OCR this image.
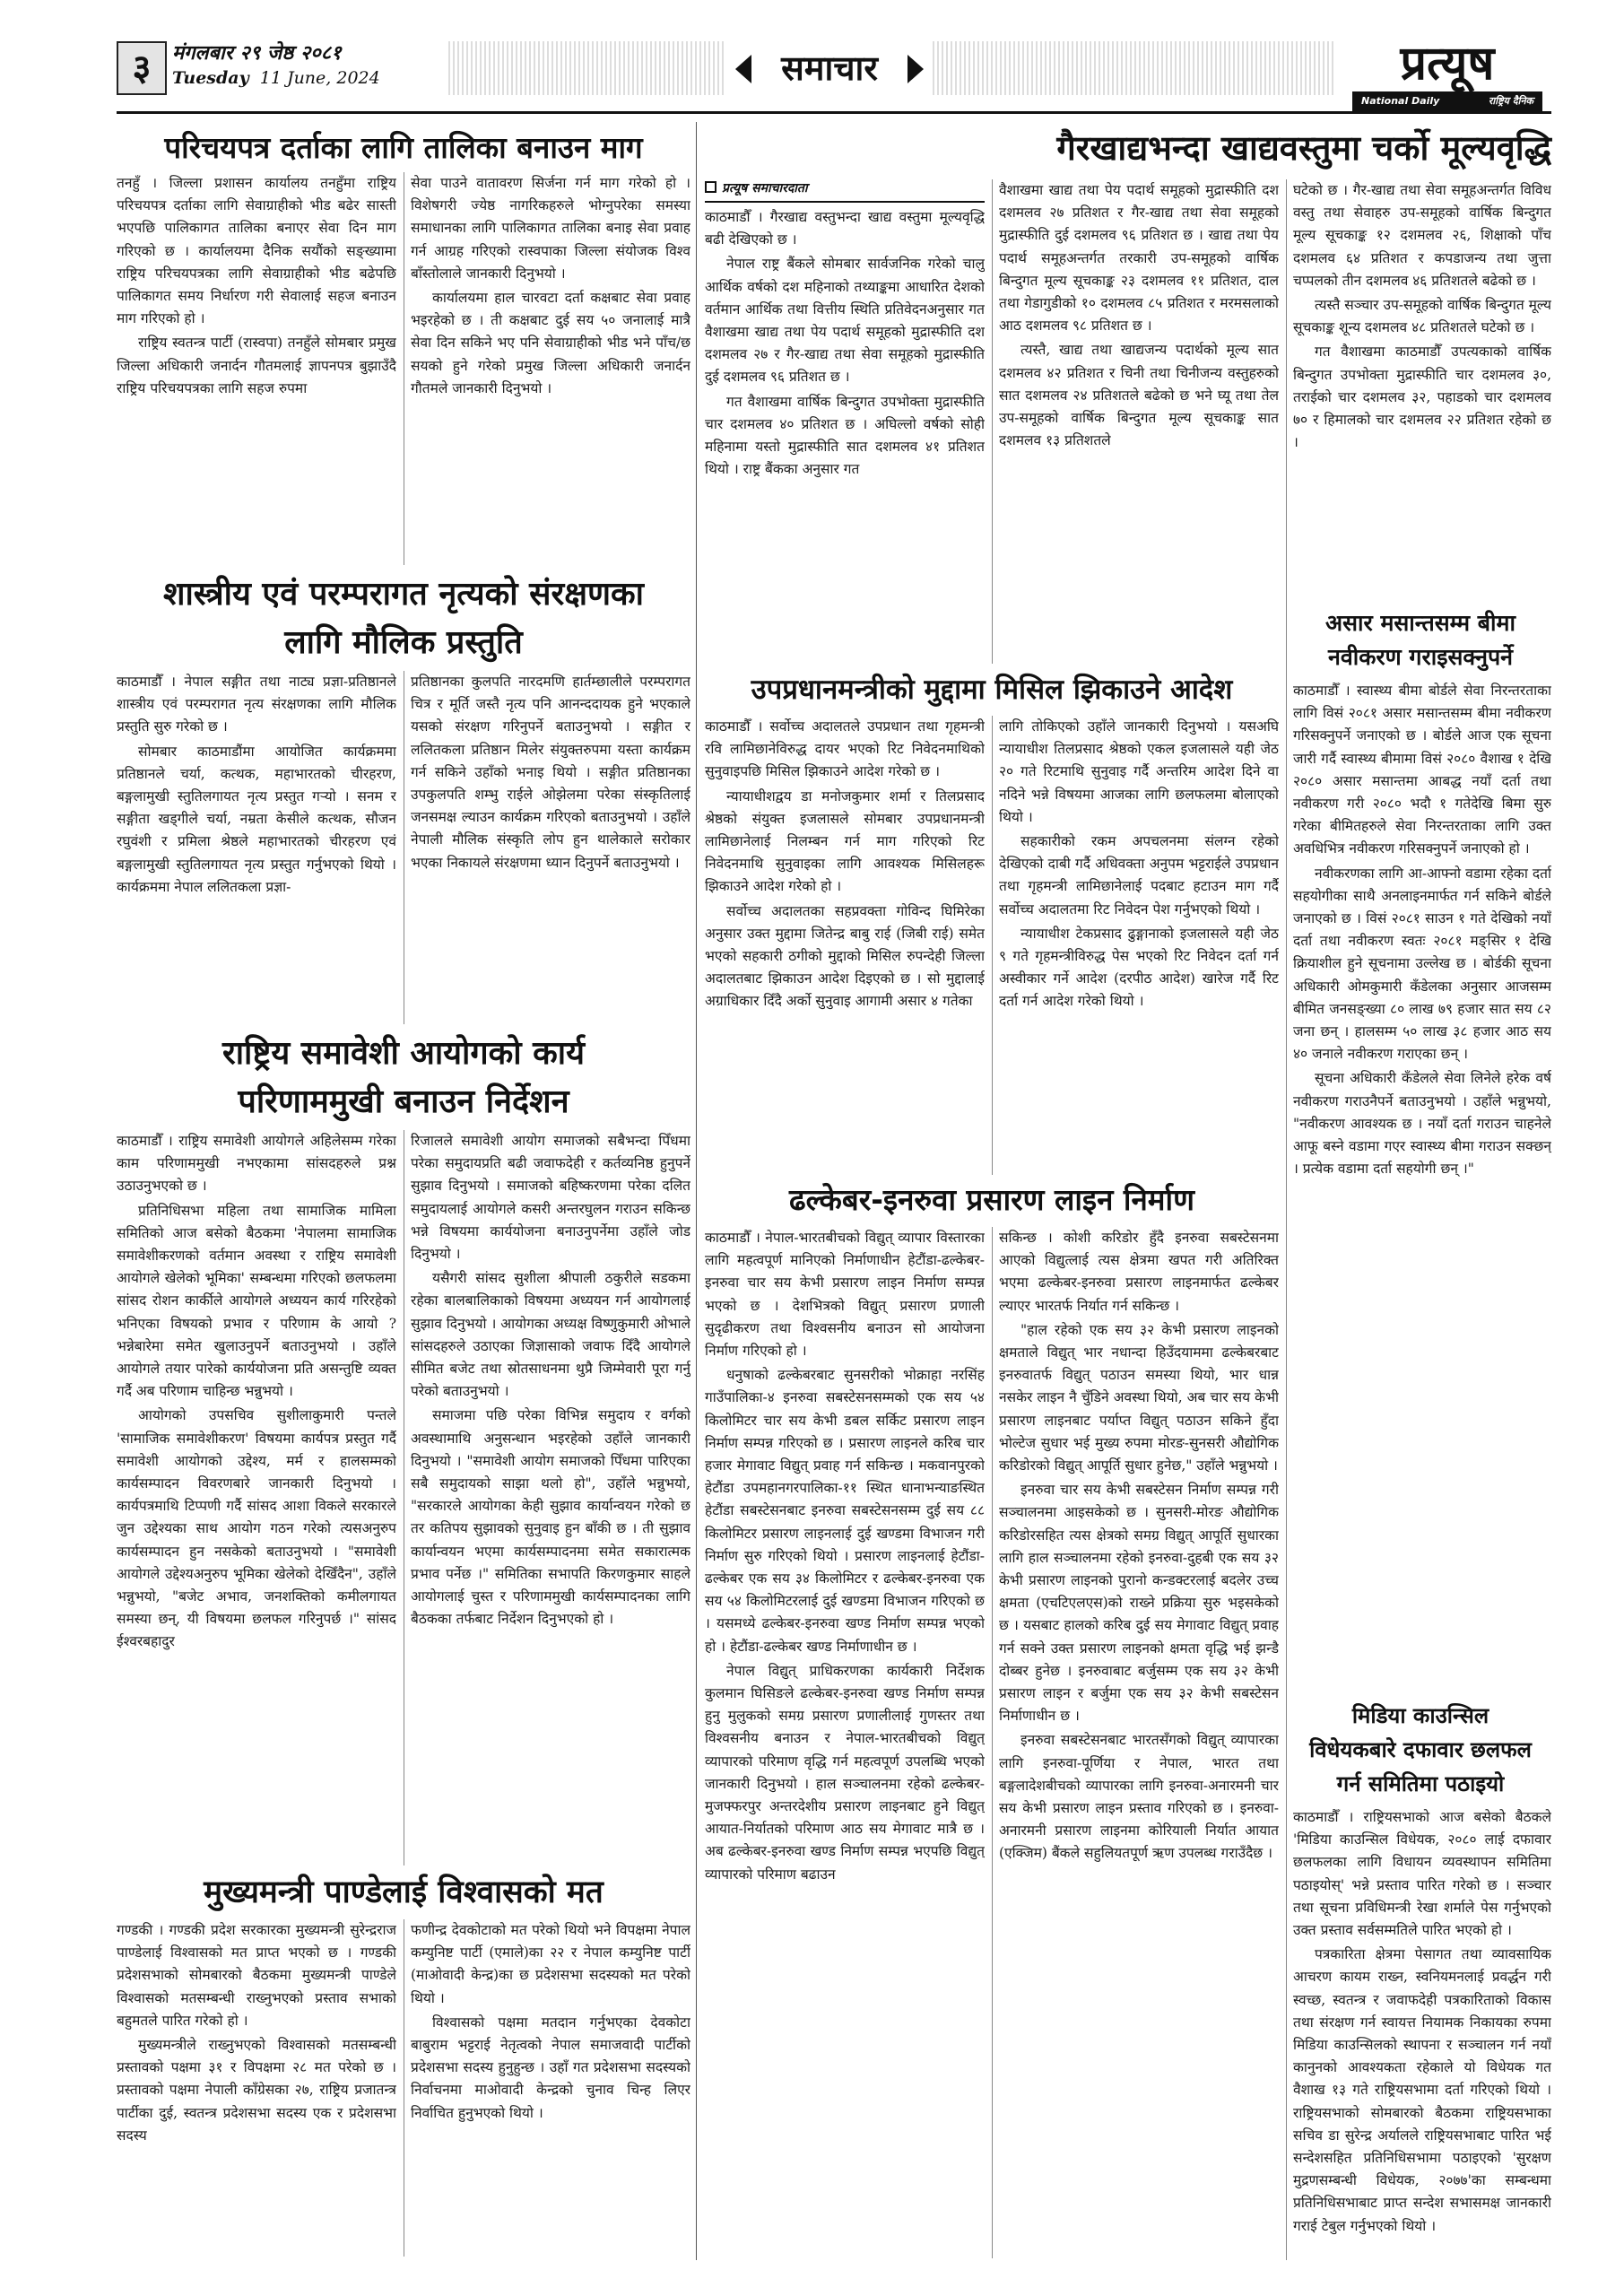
३	मंगलबार २९ जेष्ठ २०८१
Tuesday 11 June, 2024	समाचार	प्रत्यूष
National Daily	राष्ट्रिय दैनिक
परिचयपत्र दर्ताका लागि तालिका बनाउन माग

तनहुँ । जिल्ला प्रशासन कार्यालय तनहुँमा राष्ट्रिय परिचयपत्र दर्ताका लागि सेवाग्राहीको भीड बढेर सास्ती भएपछि पालिकागत तालिका बनाएर सेवा दिन माग गरिएको छ । कार्यालयमा दैनिक सयौंको सङ्ख्यामा राष्ट्रिय परिचयपत्रका लागि सेवाग्राहीको भीड बढेपछि पालिकागत समय निर्धारण गरी सेवालाई सहज बनाउन माग गरिएको हो ।

राष्ट्रिय स्वतन्त्र पार्टी (रास्वपा) तनहुँले सोमबार प्रमुख जिल्ला अधिकारी जनार्दन गौतमलाई ज्ञापनपत्र बुझाउँदै राष्ट्रिय परिचयपत्रका लागि सहज रुपमा

सेवा पाउने वातावरण सिर्जना गर्न माग गरेको हो । विशेषगरी ज्येष्ठ नागरिकहरुले भोग्नुपरेका समस्या समाधानका लागि पालिकागत तालिका बनाइ सेवा प्रवाह गर्न आग्रह गरिएको रास्वपाका जिल्ला संयोजक विश्व बाँस्तोलाले जानकारी दिनुभयो ।

कार्यालयमा हाल चारवटा दर्ता कक्षबाट सेवा प्रवाह भइरहेको छ । ती कक्षबाट दुई सय ५० जनालाई मात्रै सेवा दिन सकिने भए पनि सेवाग्राहीको भीड भने पाँच/छ सयको हुने गरेको प्रमुख जिल्ला अधिकारी जनार्दन गौतमले जानकारी दिनुभयो ।

शास्त्रीय एवं परम्परागत नृत्यको संरक्षणका
लागि मौलिक प्रस्तुति

काठमाडौँ । नेपाल सङ्गीत तथा नाट्य प्रज्ञा-प्रतिष्ठानले शास्त्रीय एवं परम्परागत नृत्य संरक्षणका लागि मौलिक प्रस्तुति सुरु गरेको छ ।

सोमबार काठमाडौंमा आयोजित कार्यक्रममा प्रतिष्ठानले चर्या, कत्थक, महाभारतको चीरहरण, बङ्गलामुखी स्तुतिलगायत नृत्य प्रस्तुत गऱ्यो । सनम र सङ्गीता खड्गीले चर्या, नम्रता केसीले कत्थक, सौजन रघुवंशी र प्रमिला श्रेष्ठले महाभारतको चीरहरण एवं बङ्गलामुखी स्तुतिलगायत नृत्य प्रस्तुत गर्नुभएको थियो । कार्यक्रममा नेपाल ललितकला प्रज्ञा-

प्रतिष्ठानका कुलपति नारदमणि हार्तम्छालीले परम्परागत चित्र र मूर्ति जस्तै नृत्य पनि आनन्ददायक हुने भएकाले यसको संरक्षण गरिनुपर्ने बताउनुभयो । सङ्गीत र ललितकला प्रतिष्ठान मिलेर संयुक्तरुपमा यस्ता कार्यक्रम गर्न सकिने उहाँको भनाइ थियो । सङ्गीत प्रतिष्ठानका उपकुलपति शम्भु राईले ओझेलमा परेका संस्कृतिलाई जनसमक्ष ल्याउन कार्यक्रम गरिएको बताउनुभयो । उहाँले नेपाली मौलिक संस्कृति लोप हुन थालेकाले सरोकार भएका निकायले संरक्षणमा ध्यान दिनुपर्ने बताउनुभयो ।

राष्ट्रिय समावेशी आयोगको कार्य
परिणाममुखी बनाउन निर्देशन

काठमाडौँ । राष्ट्रिय समावेशी आयोगले अहिलेसम्म गरेका काम परिणाममुखी नभएकामा सांसदहरुले प्रश्न उठाउनुभएको छ ।

प्रतिनिधिसभा महिला तथा सामाजिक मामिला समितिको आज बसेको बैठकमा 'नेपालमा सामाजिक समावेशीकरणको वर्तमान अवस्था र राष्ट्रिय समावेशी आयोगले खेलेको भूमिका' सम्बन्धमा गरिएको छलफलमा सांसद रोशन कार्कीले आयोगले अध्ययन कार्य गरिरहेको भनिएका विषयको प्रभाव र परिणाम के आयो ? भन्नेबारेमा समेत खुलाउनुपर्ने बताउनुभयो । उहाँले आयोगले तयार पारेको कार्ययोजना प्रति असन्तुष्टि व्यक्त गर्दै अब परिणाम चाहिन्छ भन्नुभयो ।

आयोगको उपसचिव सुशीलाकुमारी पन्तले 'सामाजिक समावेशीकरण' विषयमा कार्यपत्र प्रस्तुत गर्दै समावेशी आयोगको उद्देश्य, मर्म र हालसम्मको कार्यसम्पादन विवरणबारे जानकारी दिनुभयो । कार्यपत्रमाथि टिप्पणी गर्दै सांसद आशा विकले सरकारले जुन उद्देश्यका साथ आयोग गठन गरेको त्यसअनुरुप कार्यसम्पादन हुन नसकेको बताउनुभयो । "समावेशी आयोगले उद्देश्यअनुरुप भूमिका खेलेको देखिँदैन", उहाँले भन्नुभयो, "बजेट अभाव, जनशक्तिको कमीलगायत समस्या छन्, यी विषयमा छलफल गरिनुपर्छ ।" सांसद ईश्वरबहादुर

रिजालले समावेशी आयोग समाजको सबैभन्दा पिँधमा परेका समुदायप्रति बढी जवाफदेही र कर्तव्यनिष्ठ हुनुपर्ने सुझाव दिनुभयो । समाजको बहिष्करणमा परेका दलित समुदायलाई आयोगले कसरी अन्तरघुलन गराउन सकिन्छ भन्ने विषयमा कार्ययोजना बनाउनुपर्नेमा उहाँले जोड दिनुभयो ।

यसैगरी सांसद सुशीला श्रीपाली ठकुरीले सडकमा रहेका बालबालिकाको विषयमा अध्ययन गर्न आयोगलाई सुझाव दिनुभयो । आयोगका अध्यक्ष विष्णुकुमारी ओभाले सांसदहरुले उठाएका जिज्ञासाको जवाफ दिँदै आयोगले सीमित बजेट तथा स्रोतसाधनमा थुप्रै जिम्मेवारी पूरा गर्नु परेको बताउनुभयो ।

समाजमा पछि परेका विभिन्न समुदाय र वर्गको अवस्थामाथि अनुसन्धान भइरहेको उहाँले जानकारी दिनुभयो । "समावेशी आयोग समाजको पिँधमा पारिएका सबै समुदायको साझा थलो हो", उहाँले भन्नुभयो, "सरकारले आयोगका केही सुझाव कार्यान्वयन गरेको छ तर कतिपय सुझावको सुनुवाइ हुन बाँकी छ । ती सुझाव कार्यान्वयन भएमा कार्यसम्पादनमा समेत सकारात्मक प्रभाव पर्नेछ ।" समितिका सभापति किरणकुमार साहले आयोगलाई चुस्त र परिणाममुखी कार्यसम्पादनका लागि बैठकका तर्फबाट निर्देशन दिनुभएको हो ।

मुख्यमन्त्री पाण्डेलाई विश्वासको मत

गण्डकी । गण्डकी प्रदेश सरकारका मुख्यमन्त्री सुरेन्द्रराज पाण्डेलाई विश्वासको मत प्राप्त भएको छ । गण्डकी प्रदेशसभाको सोमबारको बैठकमा मुख्यमन्त्री पाण्डेले विश्वासको मतसम्बन्धी राख्नुभएको प्रस्ताव सभाको बहुमतले पारित गरेको हो ।

मुख्यमन्त्रीले राख्नुभएको विश्वासको मतसम्बन्धी प्रस्तावको पक्षमा ३१ र विपक्षमा २८ मत परेको छ । प्रस्तावको पक्षमा नेपाली काँग्रेसका २७, राष्ट्रिय प्रजातन्त्र पार्टीका दुई, स्वतन्त्र प्रदेशसभा सदस्य एक र प्रदेशसभा सदस्य

फणीन्द्र देवकोटाको मत परेको थियो भने विपक्षमा नेपाल कम्युनिष्ट पार्टी (एमाले)का २२ र नेपाल कम्युनिष्ट पार्टी (माओवादी केन्द्र)का छ प्रदेशसभा सदस्यको मत परेको थियो ।

विश्वासको पक्षमा मतदान गर्नुभएका देवकोटा बाबुराम भट्टराई नेतृत्वको नेपाल समाजवादी पार्टीको प्रदेशसभा सदस्य हुनुहुन्छ । उहाँ गत प्रदेशसभा सदस्यको निर्वाचनमा माओवादी केन्द्रको चुनाव चिन्ह लिएर निर्वाचित हुनुभएको थियो ।

गैरखाद्यभन्दा खाद्यवस्तुमा चर्को मूल्यवृद्धि
प्रत्यूष समाचारदाता

काठमाडौँ । गैरखाद्य वस्तुभन्दा खाद्य वस्तुमा मूल्यवृद्धि बढी देखिएको छ ।

नेपाल राष्ट्र बैंकले सोमबार सार्वजनिक गरेको चालु आर्थिक वर्षको दश महिनाको तथ्याङ्कमा आधारित देशको वर्तमान आर्थिक तथा वित्तीय स्थिति प्रतिवेदनअनुसार गत वैशाखमा खाद्य तथा पेय पदार्थ समूहको मुद्रास्फीति दश दशमलव २७ र गैर-खाद्य तथा सेवा समूहको मुद्रास्फीति दुई दशमलव ९६ प्रतिशत छ ।

गत वैशाखमा वार्षिक बिन्दुगत उपभोक्ता मुद्रास्फीति चार दशमलव ४० प्रतिशत छ । अघिल्लो वर्षको सोही महिनामा यस्तो मुद्रास्फीति सात दशमलव ४१ प्रतिशत थियो । राष्ट्र बैंकका अनुसार गत

वैशाखमा खाद्य तथा पेय पदार्थ समूहको मुद्रास्फीति दश दशमलव २७ प्रतिशत र गैर-खाद्य तथा सेवा समूहको मुद्रास्फीति दुई दशमलव ९६ प्रतिशत छ । खाद्य तथा पेय पदार्थ समूहअन्तर्गत तरकारी उप-समूहको वार्षिक बिन्दुगत मूल्य सूचकाङ्क २३ दशमलव ११ प्रतिशत, दाल तथा गेडागुडीको १० दशमलव ८५ प्रतिशत र मरमसलाको आठ दशमलव ९८ प्रतिशत छ ।

त्यस्तै, खाद्य तथा खाद्यजन्य पदार्थको मूल्य सात दशमलव ४२ प्रतिशत र चिनी तथा चिनीजन्य वस्तुहरुको सात दशमलव २४ प्रतिशतले बढेको छ भने घ्यू तथा तेल उप-समूहको वार्षिक बिन्दुगत मूल्य सूचकाङ्क सात दशमलव १३ प्रतिशतले

घटेको छ । गैर-खाद्य तथा सेवा समूहअन्तर्गत विविध वस्तु तथा सेवाहरु उप-समूहको वार्षिक बिन्दुगत मूल्य सूचकाङ्क १२ दशमलव २६, शिक्षाको पाँच दशमलव ६४ प्रतिशत र कपडाजन्य तथा जुत्ता चप्पलको तीन दशमलव ४६ प्रतिशतले बढेको छ ।

त्यस्तै सञ्चार उप-समूहको वार्षिक बिन्दुगत मूल्य सूचकाङ्क शून्य दशमलव ४८ प्रतिशतले घटेको छ ।

गत वैशाखमा काठमाडौँ उपत्यकाको वार्षिक बिन्दुगत उपभोक्ता मुद्रास्फीति चार दशमलव ३०, तराईको चार दशमलव ३२, पहाडको चार दशमलव ७० र हिमालको चार दशमलव २२ प्रतिशत रहेको छ ।

उपप्रधानमन्त्रीको मुद्दामा मिसिल झिकाउने आदेश

काठमाडौँ । सर्वोच्च अदालतले उपप्रधान तथा गृहमन्त्री रवि लामिछानेविरुद्ध दायर भएको रिट निवेदनमाथिको सुनुवाइपछि मिसिल झिकाउने आदेश गरेको छ ।

न्यायाधीशद्वय डा मनोजकुमार शर्मा र तिलप्रसाद श्रेष्ठको संयुक्त इजलासले सोमबार उपप्रधानमन्त्री लामिछानेलाई निलम्बन गर्न माग गरिएको रिट निवेदनमाथि सुनुवाइका लागि आवश्यक मिसिलहरू झिकाउने आदेश गरेको हो ।

सर्वोच्च अदालतका सहप्रवक्ता गोविन्द घिमिरेका अनुसार उक्त मुद्दामा जितेन्द्र बाबु राई (जिबी राई) समेत भएको सहकारी ठगीको मुद्दाको मिसिल रुपन्देही जिल्ला अदालतबाट झिकाउन आदेश दिइएको छ । सो मुद्दालाई अग्राधिकार दिँदै अर्को सुनुवाइ आगामी असार ४ गतेका

लागि तोकिएको उहाँले जानकारी दिनुभयो । यसअघि न्यायाधीश तिलप्रसाद श्रेष्ठको एकल इजलासले यही जेठ २० गते रिटमाथि सुनुवाइ गर्दै अन्तरिम आदेश दिने वा नदिने भन्ने विषयमा आजका लागि छलफलमा बोलाएको थियो ।

सहकारीको रकम अपचलनमा संलग्न रहेको देखिएको दाबी गर्दै अधिवक्ता अनुपम भट्टराईले उपप्रधान तथा गृहमन्त्री लामिछानेलाई पदबाट हटाउन माग गर्दै सर्वोच्च अदालतमा रिट निवेदन पेश गर्नुभएको थियो ।

न्यायाधीश टेकप्रसाद ढुङ्गानाको इजलासले यही जेठ ९ गते गृहमन्त्रीविरुद्ध पेस भएको रिट निवेदन दर्ता गर्न अस्वीकार गर्ने आदेश (दरपीठ आदेश) खारेज गर्दै रिट दर्ता गर्न आदेश गरेको थियो ।

ढल्केबर-इनरुवा प्रसारण लाइन निर्माण

काठमाडौँ । नेपाल-भारतबीचको विद्युत् व्यापार विस्तारका लागि महत्वपूर्ण मानिएको निर्माणाधीन हेटौंडा-ढल्केबर-इनरुवा चार सय केभी प्रसारण लाइन निर्माण सम्पन्न भएको छ । देशभित्रको विद्युत् प्रसारण प्रणाली सुदृढीकरण तथा विश्वसनीय बनाउन सो आयोजना निर्माण गरिएको हो ।

धनुषाको ढल्केबरबाट सुनसरीको भोक्राहा नरसिंह गाउँपालिका-४ इनरुवा सबस्टेसनसम्मको एक सय ५४ किलोमिटर चार सय केभी डबल सर्किट प्रसारण लाइन निर्माण सम्पन्न गरिएको छ । प्रसारण लाइनले करिब चार हजार मेगावाट विद्युत् प्रवाह गर्न सकिन्छ । मकवानपुरको हेटौंडा उपमहानगरपालिका-११ स्थित धानाभन्याङस्थित हेटौंडा सबस्टेसनबाट इनरुवा सबस्टेसनसम्म दुई सय ८८ किलोमिटर प्रसारण लाइनलाई दुई खण्डमा विभाजन गरी निर्माण सुरु गरिएको थियो । प्रसारण लाइनलाई हेटौंडा-ढल्केबर एक सय ३४ किलोमिटर र ढल्केबर-इनरुवा एक सय ५४ किलोमिटरलाई दुई खण्डमा विभाजन गरिएको छ । यसमध्ये ढल्केबर-इनरुवा खण्ड निर्माण सम्पन्न भएको हो । हेटौंडा-ढल्केबर खण्ड निर्माणाधीन छ ।

नेपाल विद्युत् प्राधिकरणका कार्यकारी निर्देशक कुलमान घिसिङले ढल्केबर-इनरुवा खण्ड निर्माण सम्पन्न हुनु मुलुकको समग्र प्रसारण प्रणालीलाई गुणस्तर तथा विश्वसनीय बनाउन र नेपाल-भारतबीचको विद्युत् व्यापारको परिमाण वृद्धि गर्न महत्वपूर्ण उपलब्धि भएको जानकारी दिनुभयो । हाल सञ्चालनमा रहेको ढल्केबर-मुजफ्फरपुर अन्तरदेशीय प्रसारण लाइनबाट हुने विद्युत् आयात-निर्यातको परिमाण आठ सय मेगावाट मात्रै छ । अब ढल्केबर-इनरुवा खण्ड निर्माण सम्पन्न भएपछि विद्युत् व्यापारको परिमाण बढाउन

सकिन्छ । कोशी करिडोर हुँदै इनरुवा सबस्टेसनमा आएको विद्युत्लाई त्यस क्षेत्रमा खपत गरी अतिरिक्त भएमा ढल्केबर-इनरुवा प्रसारण लाइनमार्फत ढल्केबर ल्याएर भारतर्फ निर्यात गर्न सकिन्छ ।

"हाल रहेको एक सय ३२ केभी प्रसारण लाइनको क्षमताले विद्युत् भार नधान्दा हिउँदयाममा ढल्केबरबाट इनरुवातर्फ विद्युत् पठाउन समस्या थियो, भार धान्न नसकेर लाइन नै चुँडिने अवस्था थियो, अब चार सय केभी प्रसारण लाइनबाट पर्याप्त विद्युत् पठाउन सकिने हुँदा भोल्टेज सुधार भई मुख्य रुपमा मोरङ-सुनसरी औद्योगिक करिडोरको विद्युत् आपूर्ति सुधार हुनेछ," उहाँले भन्नुभयो ।

इनरुवा चार सय केभी सबस्टेसन निर्माण सम्पन्न गरी सञ्चालनमा आइसकेको छ । सुनसरी-मोरङ औद्योगिक करिडोरसहित त्यस क्षेत्रको समग्र विद्युत् आपूर्ति सुधारका लागि हाल सञ्चालनमा रहेको इनरुवा-दुहबी एक सय ३२ केभी प्रसारण लाइनको पुरानो कन्डक्टरलाई बदलेर उच्च क्षमता (एचटिएलएस)को राख्ने प्रक्रिया सुरु भइसकेको छ । यसबाट हालको करिब दुई सय मेगावाट विद्युत् प्रवाह गर्न सक्ने उक्त प्रसारण लाइनको क्षमता वृद्धि भई झन्डै दोब्बर हुनेछ । इनरुवाबाट बर्जुसम्म एक सय ३२ केभी प्रसारण लाइन र बर्जुमा एक सय ३२ केभी सबस्टेसन निर्माणाधीन छ ।

इनरुवा सबस्टेसनबाट भारतसँगको विद्युत् व्यापारका लागि इनरुवा-पूर्णिया र नेपाल, भारत तथा बङ्गलादेशबीचको व्यापारका लागि इनरुवा-अनारमनी चार सय केभी प्रसारण लाइन प्रस्ताव गरिएको छ । इनरुवा-अनारमनी प्रसारण लाइनमा कोरियाली निर्यात आयात (एक्जिम) बैंकले सहुलियतपूर्ण ऋण उपलब्ध गराउँदैछ ।

असार मसान्तसम्म बीमा
नवीकरण गराइसक्नुपर्ने

काठमाडौँ । स्वास्थ्य बीमा बोर्डले सेवा निरन्तरताका लागि विसं २०८१ असार मसान्तसम्म बीमा नवीकरण गरिसक्नुपर्ने जनाएको छ । बोर्डले आज एक सूचना जारी गर्दै स्वास्थ्य बीमामा विसं २०८० वैशाख १ देखि २०८० असार मसान्तमा आबद्ध नयाँ दर्ता तथा नवीकरण गरी २०८० भदौ १ गतेदेखि बिमा सुरु गरेका बीमितहरुले सेवा निरन्तरताका लागि उक्त अवधिभित्र नवीकरण गरिसक्नुपर्ने जनाएको हो ।

नवीकरणका लागि आ-आफ्नो वडामा रहेका दर्ता सहयोगीका साथै अनलाइनमार्फत गर्न सकिने बोर्डले जनाएको छ । विसं २०८१ साउन १ गते देखिको नयाँ दर्ता तथा नवीकरण स्वतः २०८१ मङ्सिर १ देखि क्रियाशील हुने सूचनामा उल्लेख छ । बोर्डकी सूचना अधिकारी ओमकुमारी कँडेलका अनुसार आजसम्म बीमित जनसङ्ख्या ८० लाख ७९ हजार सात सय ८२ जना छन् । हालसम्म ५० लाख ३८ हजार आठ सय ४० जनाले नवीकरण गराएका छन् ।

सूचना अधिकारी कँडेलले सेवा लिनेले हरेक वर्ष नवीकरण गराउनैपर्ने बताउनुभयो । उहाँले भन्नुभयो, "नवीकरण आवश्यक छ । नयाँ दर्ता गराउन चाहनेले आफू बस्ने वडामा गएर स्वास्थ्य बीमा गराउन सक्छन् । प्रत्येक वडामा दर्ता सहयोगी छन् ।"

मिडिया काउन्सिल
विधेयकबारे दफावार छलफल
गर्न समितिमा पठाइयो

काठमाडौँ । राष्ट्रियसभाको आज बसेको बैठकले 'मिडिया काउन्सिल विधेयक, २०८० लाई दफावार छलफलका लागि विधायन व्यवस्थापन समितिमा पठाइयोस्' भन्ने प्रस्ताव पारित गरेको छ । सञ्चार तथा सूचना प्रविधिमन्त्री रेखा शर्माले पेस गर्नुभएको उक्त प्रस्ताव सर्वसम्मतिले पारित भएको हो ।

पत्रकारिता क्षेत्रमा पेसागत तथा व्यावसायिक आचरण कायम राख्न, स्वनियमनलाई प्रवर्द्धन गरी स्वच्छ, स्वतन्त्र र जवाफदेही पत्रकारिताको विकास तथा संरक्षण गर्न स्वायत्त नियामक निकायका रुपमा मिडिया काउन्सिलको स्थापना र सञ्चालन गर्न नयाँ कानुनको आवश्यकता रहेकाले यो विधेयक गत वैशाख १३ गते राष्ट्रियसभामा दर्ता गरिएको थियो । राष्ट्रियसभाको सोमबारको बैठकमा राष्ट्रियसभाका सचिव डा सुरेन्द्र अर्यालले राष्ट्रियसभाबाट पारित भई सन्देशसहित प्रतिनिधिसभामा पठाइएको 'सुरक्षण मुद्रणसम्बन्धी विधेयक, २०७७'का सम्बन्धमा प्रतिनिधिसभाबाट प्राप्त सन्देश सभासमक्ष जानकारी गराई टेबुल गर्नुभएको थियो ।
